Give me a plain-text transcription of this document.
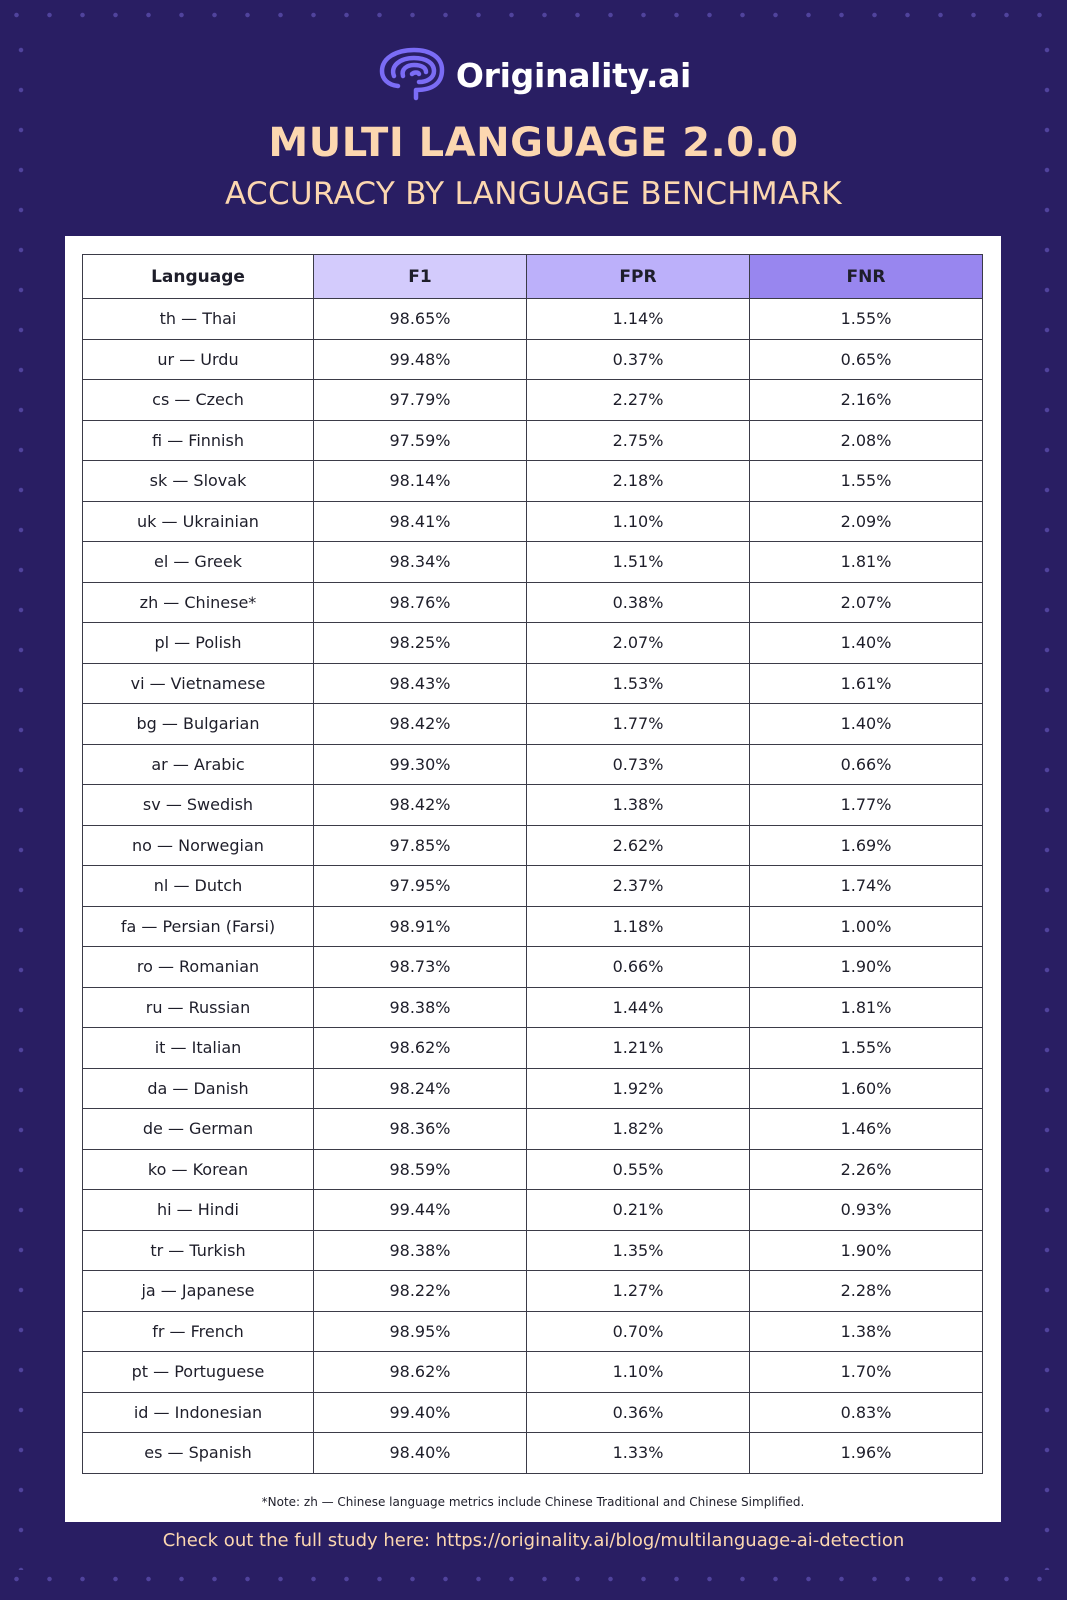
Originality.ai
MULTI LANGUAGE 2.0.0
ACCURACY BY LANGUAGE BENCHMARK
Language	F1	FPR	FNR
th — Thai	98.65%	1.14%	1.55%
ur — Urdu	99.48%	0.37%	0.65%
cs — Czech	97.79%	2.27%	2.16%
fi — Finnish	97.59%	2.75%	2.08%
sk — Slovak	98.14%	2.18%	1.55%
uk — Ukrainian	98.41%	1.10%	2.09%
el — Greek	98.34%	1.51%	1.81%
zh — Chinese*	98.76%	0.38%	2.07%
pl — Polish	98.25%	2.07%	1.40%
vi — Vietnamese	98.43%	1.53%	1.61%
bg — Bulgarian	98.42%	1.77%	1.40%
ar — Arabic	99.30%	0.73%	0.66%
sv — Swedish	98.42%	1.38%	1.77%
no — Norwegian	97.85%	2.62%	1.69%
nl — Dutch	97.95%	2.37%	1.74%
fa — Persian (Farsi)	98.91%	1.18%	1.00%
ro — Romanian	98.73%	0.66%	1.90%
ru — Russian	98.38%	1.44%	1.81%
it — Italian	98.62%	1.21%	1.55%
da — Danish	98.24%	1.92%	1.60%
de — German	98.36%	1.82%	1.46%
ko — Korean	98.59%	0.55%	2.26%
hi — Hindi	99.44%	0.21%	0.93%
tr — Turkish	98.38%	1.35%	1.90%
ja — Japanese	98.22%	1.27%	2.28%
fr — French	98.95%	0.70%	1.38%
pt — Portuguese	98.62%	1.10%	1.70%
id — Indonesian	99.40%	0.36%	0.83%
es — Spanish	98.40%	1.33%	1.96%
*Note: zh — Chinese language metrics include Chinese Traditional and Chinese Simplified.
Check out the full study here: https://originality.ai/blog/multilanguage-ai-detection
